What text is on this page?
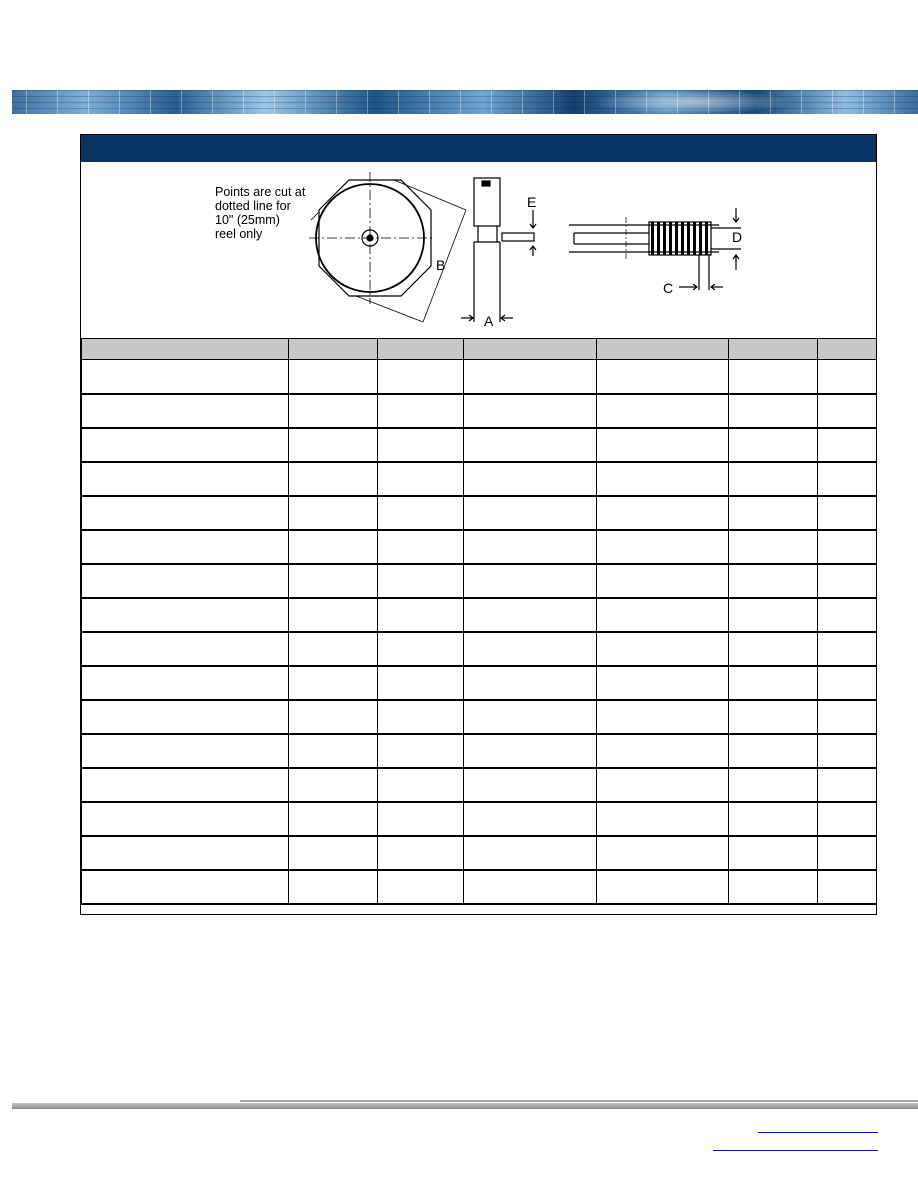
Points are cut at
dotted line for
10" (25mm)
reel only
B
A
E
D
C
